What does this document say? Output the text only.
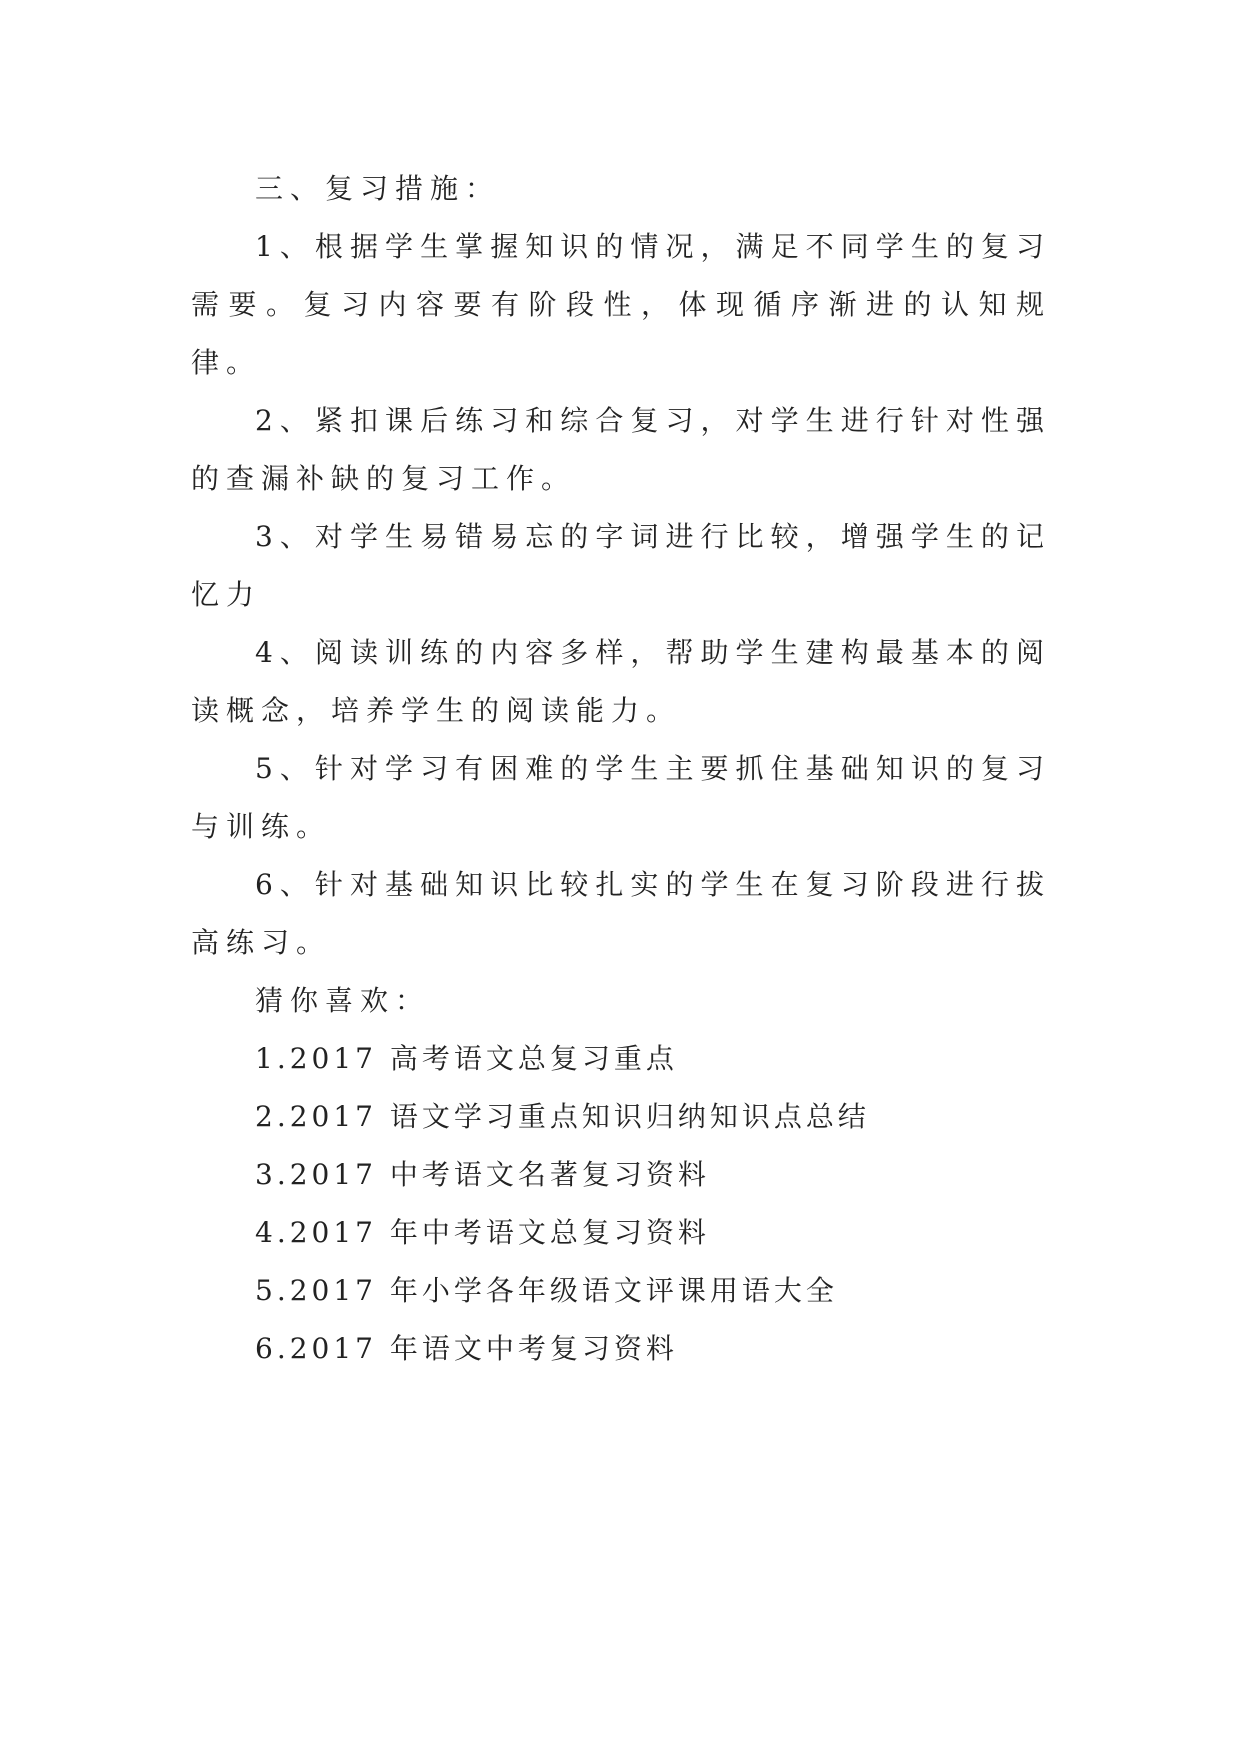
三、复习措施：

1、根据学生掌握知识的情况，满足不同学生的复习需要。复习内容要有阶段性，体现循序渐进的认知规律。

2、紧扣课后练习和综合复习，对学生进行针对性强的查漏补缺的复习工作。

3、对学生易错易忘的字词进行比较，增强学生的记忆力

4、阅读训练的内容多样，帮助学生建构最基本的阅读概念，培养学生的阅读能力。

5、针对学习有困难的学生主要抓住基础知识的复习与训练。

6、针对基础知识比较扎实的学生在复习阶段进行拔高练习。

猜你喜欢：

1.2017 高考语文总复习重点
2.2017 语文学习重点知识归纳知识点总结
3.2017 中考语文名著复习资料
4.2017 年中考语文总复习资料
5.2017 年小学各年级语文评课用语大全
6.2017 年语文中考复习资料
